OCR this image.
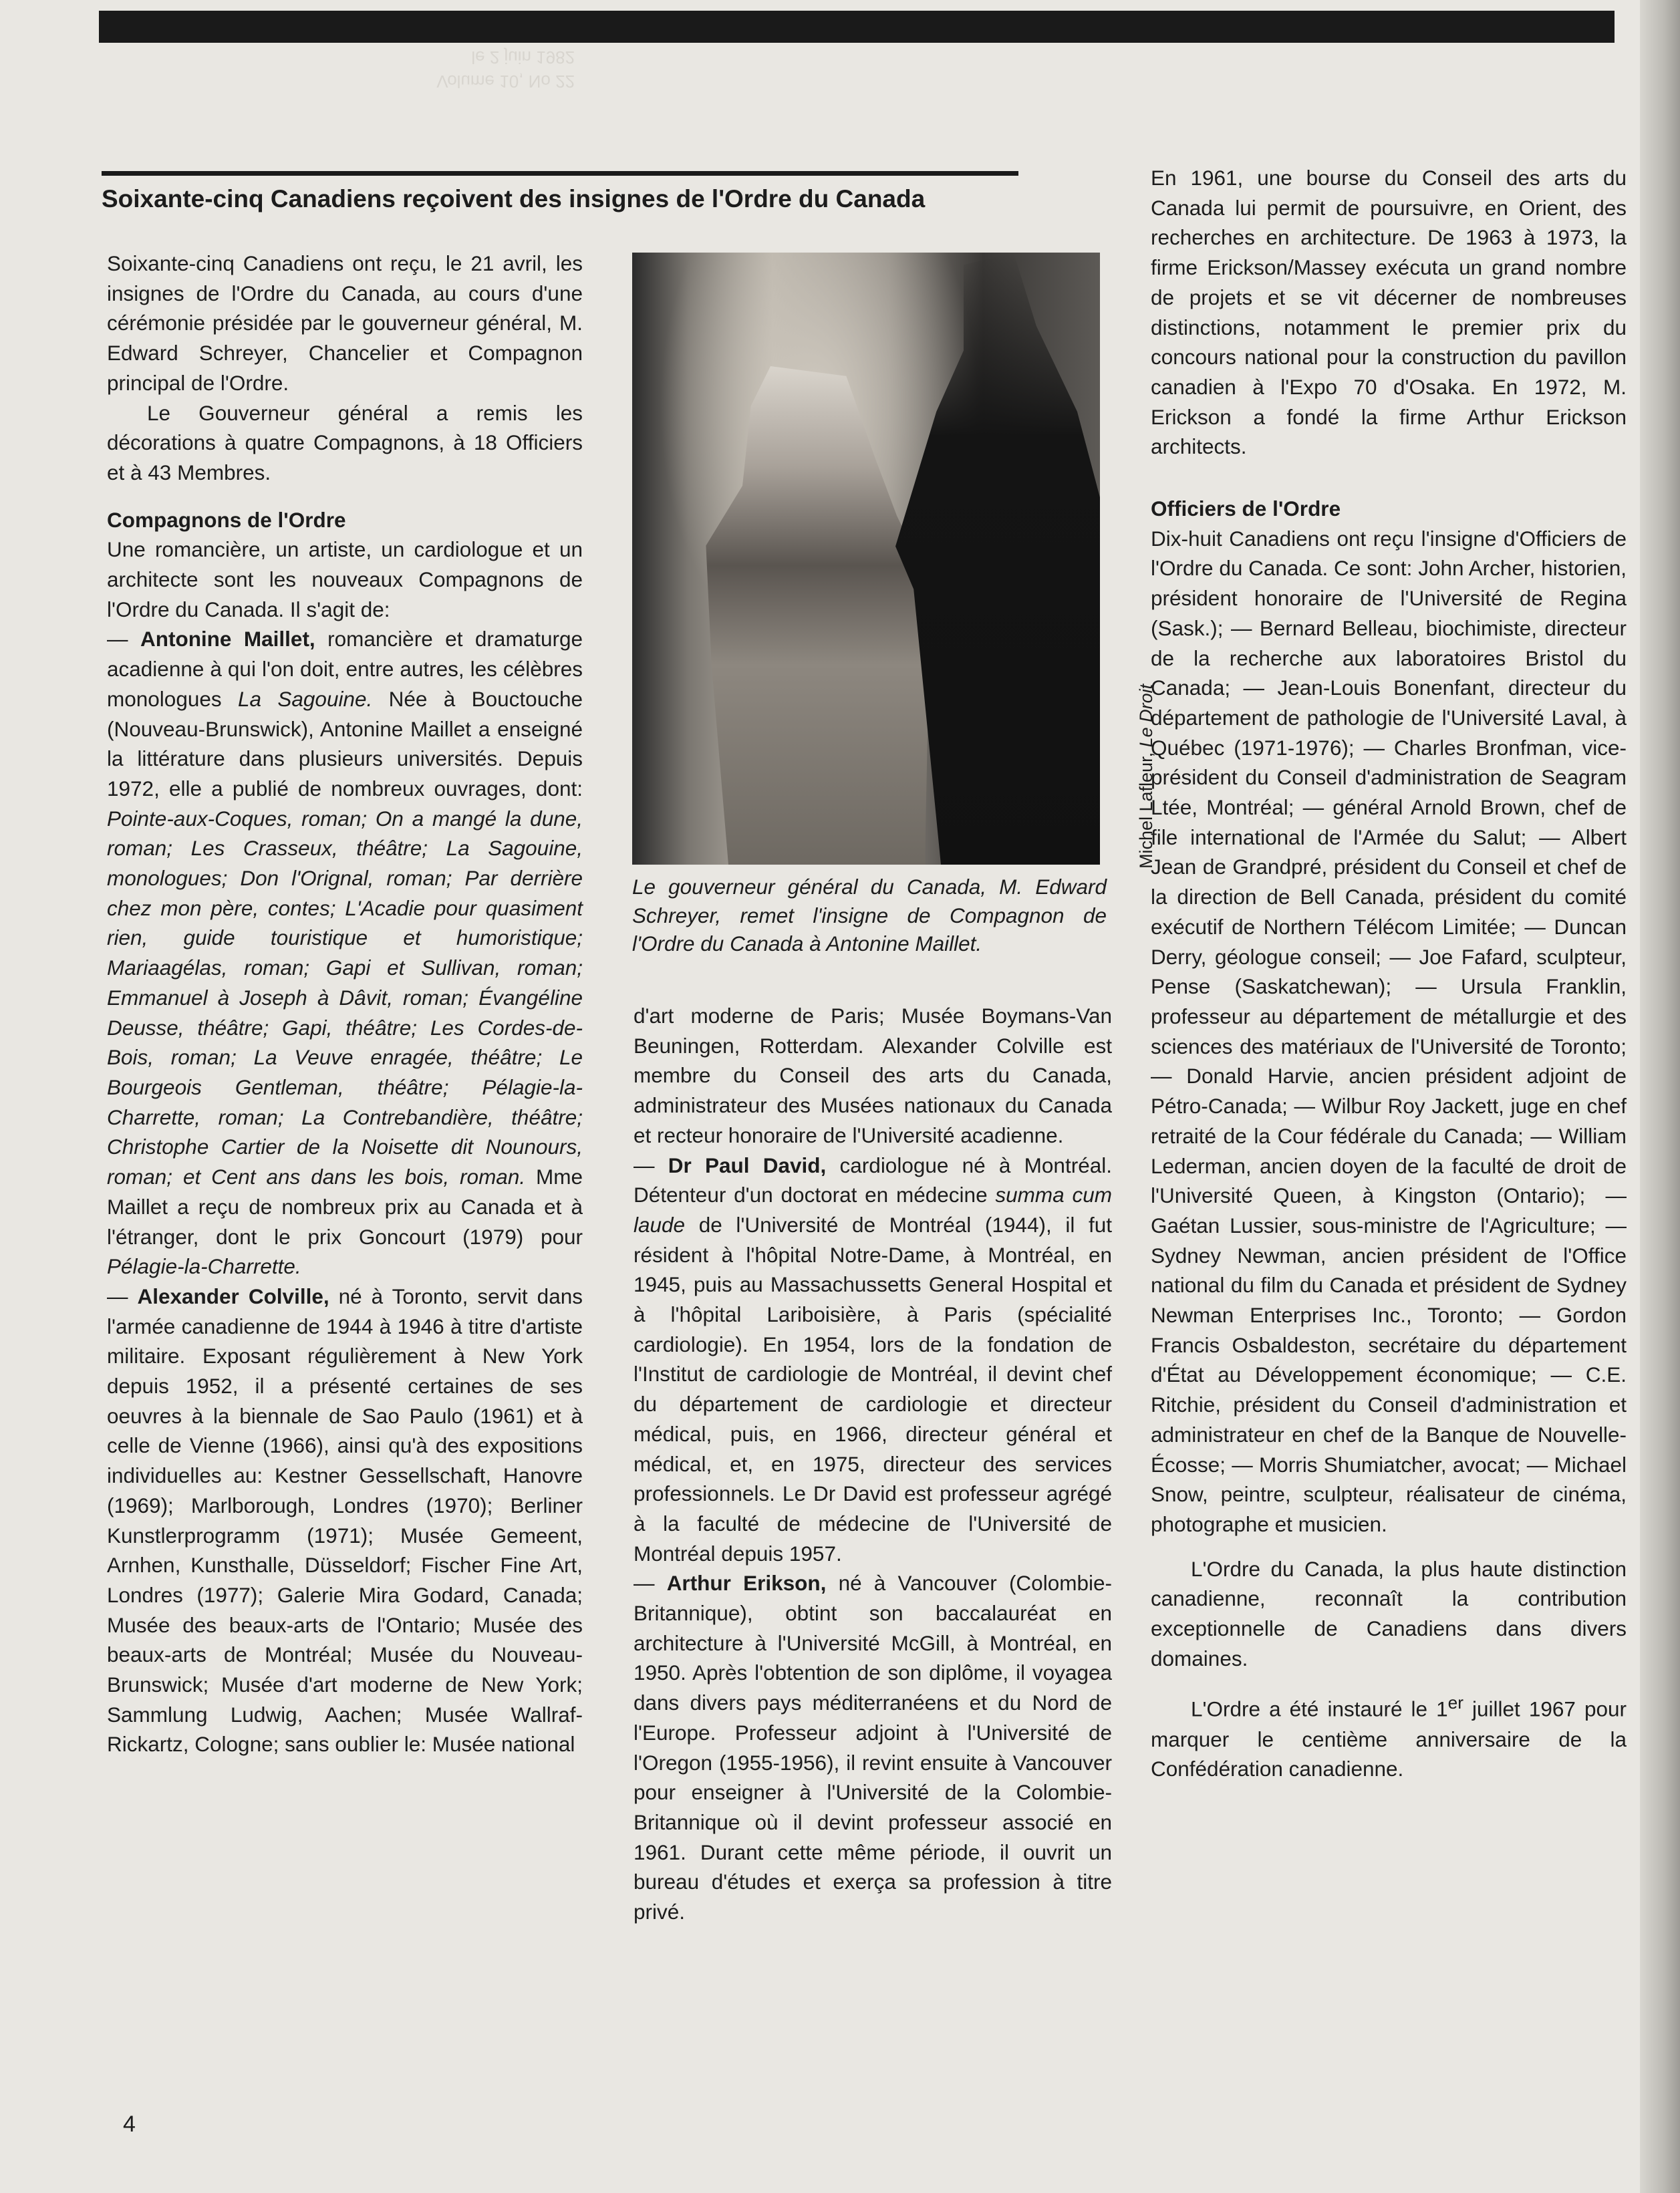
Volume 10, No 22
le 2 juin 1982
Soixante-cinq Canadiens reçoivent des insignes de l'Ordre du Canada

Soixante-cinq Canadiens ont reçu, le 21 avril, les insignes de l'Ordre du Canada, au cours d'une cérémonie présidée par le gouverneur général, M. Edward Schreyer, Chancelier et Compagnon principal de l'Ordre.

Le Gouverneur général a remis les décorations à quatre Compagnons, à 18 Officiers et à 43 Membres.

Compagnons de l'Ordre

Une romancière, un artiste, un cardiologue et un architecte sont les nouveaux Compagnons de l'Ordre du Canada. Il s'agit de:

— Antonine Maillet, romancière et dramaturge acadienne à qui l'on doit, entre autres, les célèbres monologues La Sagouine. Née à Bouctouche (Nouveau-Brunswick), Antonine Maillet a enseigné la littérature dans plusieurs universités. Depuis 1972, elle a publié de nombreux ouvrages, dont: Pointe-aux-Coques, roman; On a mangé la dune, roman; Les Crasseux, théâtre; La Sagouine, monologues; Don l'Orignal, roman; Par derrière chez mon père, contes; L'Acadie pour quasiment rien, guide touristique et humoristique; Mariaagélas, roman; Gapi et Sullivan, roman; Emmanuel à Joseph à Dâvit, roman; Évangéline Deusse, théâtre; Gapi, théâtre; Les Cordes-de-Bois, roman; La Veuve enragée, théâtre; Le Bourgeois Gentleman, théâtre; Pélagie-la-Charrette, roman; La Contrebandière, théâtre; Christophe Cartier de la Noisette dit Nounours, roman; et Cent ans dans les bois, roman. Mme Maillet a reçu de nombreux prix au Canada et à l'étranger, dont le prix Goncourt (1979) pour Pélagie-la-Charrette.

— Alexander Colville, né à Toronto, servit dans l'armée canadienne de 1944 à 1946 à titre d'artiste militaire. Exposant régulièrement à New York depuis 1952, il a présenté certaines de ses oeuvres à la biennale de Sao Paulo (1961) et à celle de Vienne (1966), ainsi qu'à des expositions individuelles au: Kestner Gessellschaft, Hanovre (1969); Marlborough, Londres (1970); Berliner Kunstlerprogramm (1971); Musée Gemeent, Arnhen, Kunsthalle, Düsseldorf; Fischer Fine Art, Londres (1977); Galerie Mira Godard, Canada; Musée des beaux-arts de l'Ontario; Musée des beaux-arts de Montréal; Musée du Nouveau-Brunswick; Musée d'art moderne de New York; Sammlung Ludwig, Aachen; Musée Wallraf-Rickartz, Cologne; sans oublier le: Musée national

Michel Lafleur, Le Droit
Le gouverneur général du Canada, M. Edward Schreyer, remet l'insigne de Compagnon de l'Ordre du Canada à Antonine Maillet.

d'art moderne de Paris; Musée Boymans-Van Beuningen, Rotterdam. Alexander Colville est membre du Conseil des arts du Canada, administrateur des Musées nationaux du Canada et recteur honoraire de l'Université acadienne.

— Dr Paul David, cardiologue né à Montréal. Détenteur d'un doctorat en médecine summa cum laude de l'Université de Montréal (1944), il fut résident à l'hôpital Notre-Dame, à Montréal, en 1945, puis au Massachussetts General Hospital et à l'hôpital Lariboisière, à Paris (spécialité cardiologie). En 1954, lors de la fondation de l'Institut de cardiologie de Montréal, il devint chef du département de cardiologie et directeur médical, puis, en 1966, directeur général et médical, et, en 1975, directeur des services professionnels. Le Dr David est professeur agrégé à la faculté de médecine de l'Université de Montréal depuis 1957.

— Arthur Erikson, né à Vancouver (Colombie-Britannique), obtint son baccalauréat en architecture à l'Université McGill, à Montréal, en 1950. Après l'obtention de son diplôme, il voyagea dans divers pays méditerranéens et du Nord de l'Europe. Professeur adjoint à l'Université de l'Oregon (1955-1956), il revint ensuite à Vancouver pour enseigner à l'Université de la Colombie-Britannique où il devint professeur associé en 1961. Durant cette même période, il ouvrit un bureau d'études et exerça sa profession à titre privé.

En 1961, une bourse du Conseil des arts du Canada lui permit de poursuivre, en Orient, des recherches en architecture. De 1963 à 1973, la firme Erickson/Massey exécuta un grand nombre de projets et se vit décerner de nombreuses distinctions, notamment le premier prix du concours national pour la construction du pavillon canadien à l'Expo 70 d'Osaka. En 1972, M. Erickson a fondé la firme Arthur Erickson architects.

Officiers de l'Ordre

Dix-huit Canadiens ont reçu l'insigne d'Officiers de l'Ordre du Canada. Ce sont: John Archer, historien, président honoraire de l'Université de Regina (Sask.); — Bernard Belleau, biochimiste, directeur de la recherche aux laboratoires Bristol du Canada; — Jean-Louis Bonenfant, directeur du département de pathologie de l'Université Laval, à Québec (1971-1976); — Charles Bronfman, vice-président du Conseil d'administration de Seagram Ltée, Montréal; — général Arnold Brown, chef de file international de l'Armée du Salut; — Albert Jean de Grandpré, président du Conseil et chef de la direction de Bell Canada, président du comité exécutif de Northern Télécom Limitée; — Duncan Derry, géologue conseil; — Joe Fafard, sculpteur, Pense (Saskatchewan); — Ursula Franklin, professeur au département de métallurgie et des sciences des matériaux de l'Université de Toronto; — Donald Harvie, ancien président adjoint de Pétro-Canada; — Wilbur Roy Jackett, juge en chef retraité de la Cour fédérale du Canada; — William Lederman, ancien doyen de la faculté de droit de l'Université Queen, à Kingston (Ontario); — Gaétan Lussier, sous-ministre de l'Agriculture; — Sydney Newman, ancien président de l'Office national du film du Canada et président de Sydney Newman Enterprises Inc., Toronto; — Gordon Francis Osbaldeston, secrétaire du département d'État au Développement économique; — C.E. Ritchie, président du Conseil d'administration et administrateur en chef de la Banque de Nouvelle-Écosse; — Morris Shumiatcher, avocat; — Michael Snow, peintre, sculpteur, réalisateur de cinéma, photographe et musicien.

L'Ordre du Canada, la plus haute distinction canadienne, reconnaît la contribution exceptionnelle de Canadiens dans divers domaines.

L'Ordre a été instauré le 1er juillet 1967 pour marquer le centième anniversaire de la Confédération canadienne.

4
